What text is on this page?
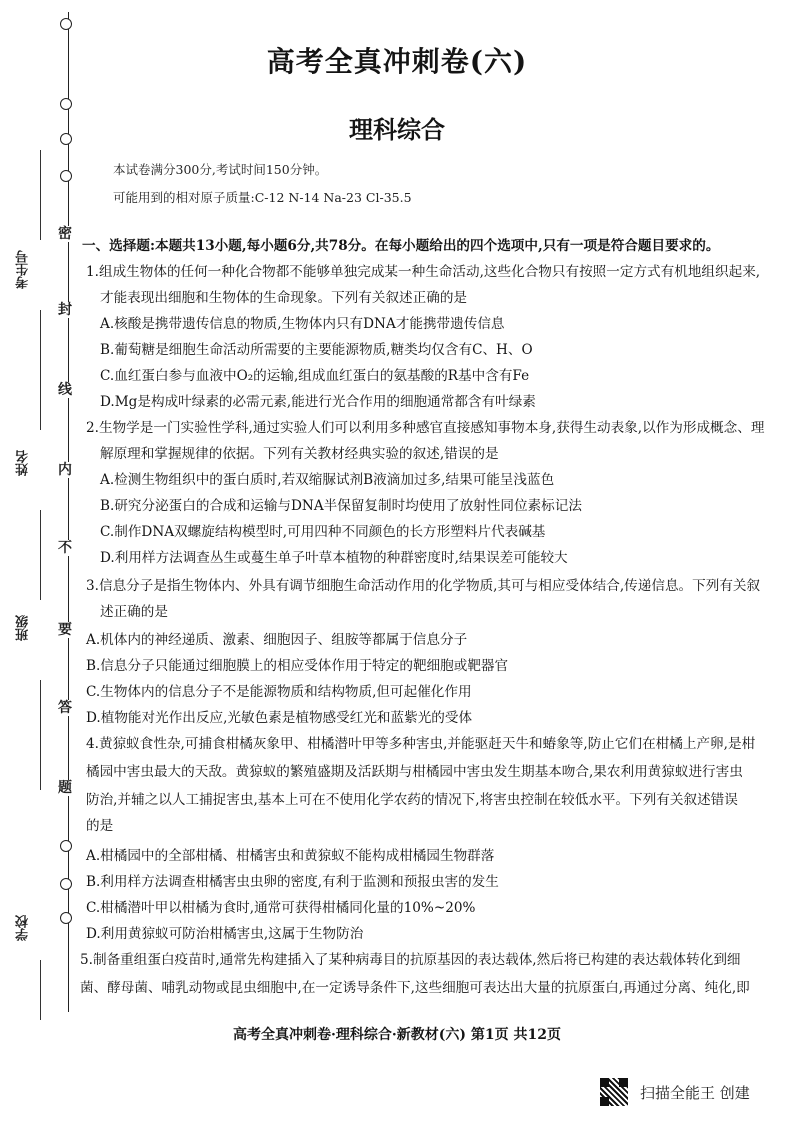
密
封
线
内
不
要
答
题
考生号
姓名
班级
学校
高考全真冲刺卷(六)
理科综合
本试卷满分300分,考试时间150分钟。
可能用到的相对原子质量:C-12 N-14 Na-23 Cl-35.5
一、选择题:本题共13小题,每小题6分,共78分。在每小题给出的四个选项中,只有一项是符合题目要求的。
1.组成生物体的任何一种化合物都不能够单独完成某一种生命活动,这些化合物只有按照一定方式有机地组织起来,
才能表现出细胞和生物体的生命现象。下列有关叙述正确的是
A.核酸是携带遗传信息的物质,生物体内只有DNA才能携带遗传信息
B.葡萄糖是细胞生命活动所需要的主要能源物质,糖类均仅含有C、H、O
C.血红蛋白参与血液中O₂的运输,组成血红蛋白的氨基酸的R基中含有Fe
D.Mg是构成叶绿素的必需元素,能进行光合作用的细胞通常都含有叶绿素
2.生物学是一门实验性学科,通过实验人们可以利用多种感官直接感知事物本身,获得生动表象,以作为形成概念、理
解原理和掌握规律的依据。下列有关教材经典实验的叙述,错误的是
A.检测生物组织中的蛋白质时,若双缩脲试剂B液滴加过多,结果可能呈浅蓝色
B.研究分泌蛋白的合成和运输与DNA半保留复制时均使用了放射性同位素标记法
C.制作DNA双螺旋结构模型时,可用四种不同颜色的长方形塑料片代表碱基
D.利用样方法调查丛生或蔓生单子叶草本植物的种群密度时,结果误差可能较大
3.信息分子是指生物体内、外具有调节细胞生命活动作用的化学物质,其可与相应受体结合,传递信息。下列有关叙
述正确的是
A.机体内的神经递质、激素、细胞因子、组胺等都属于信息分子
B.信息分子只能通过细胞膜上的相应受体作用于特定的靶细胞或靶器官
C.生物体内的信息分子不是能源物质和结构物质,但可起催化作用
D.植物能对光作出反应,光敏色素是植物感受红光和蓝紫光的受体
4.黄猄蚁食性杂,可捕食柑橘灰象甲、柑橘潜叶甲等多种害虫,并能驱赶天牛和蝽象等,防止它们在柑橘上产卵,是柑
橘园中害虫最大的天敌。黄猄蚁的繁殖盛期及活跃期与柑橘园中害虫发生期基本吻合,果农利用黄猄蚁进行害虫
防治,并辅之以人工捕捉害虫,基本上可在不使用化学农药的情况下,将害虫控制在较低水平。下列有关叙述错误
的是
A.柑橘园中的全部柑橘、柑橘害虫和黄猄蚁不能构成柑橘园生物群落
B.利用样方法调查柑橘害虫虫卵的密度,有利于监测和预报虫害的发生
C.柑橘潜叶甲以柑橘为食时,通常可获得柑橘同化量的10%~20%
D.利用黄猄蚁可防治柑橘害虫,这属于生物防治
5.制备重组蛋白疫苗时,通常先构建插入了某种病毒目的抗原基因的表达载体,然后将已构建的表达载体转化到细
菌、酵母菌、哺乳动物或昆虫细胞中,在一定诱导条件下,这些细胞可表达出大量的抗原蛋白,再通过分离、纯化,即
高考全真冲刺卷·理科综合·新教材(六) 第1页 共12页
扫描全能王 创建
